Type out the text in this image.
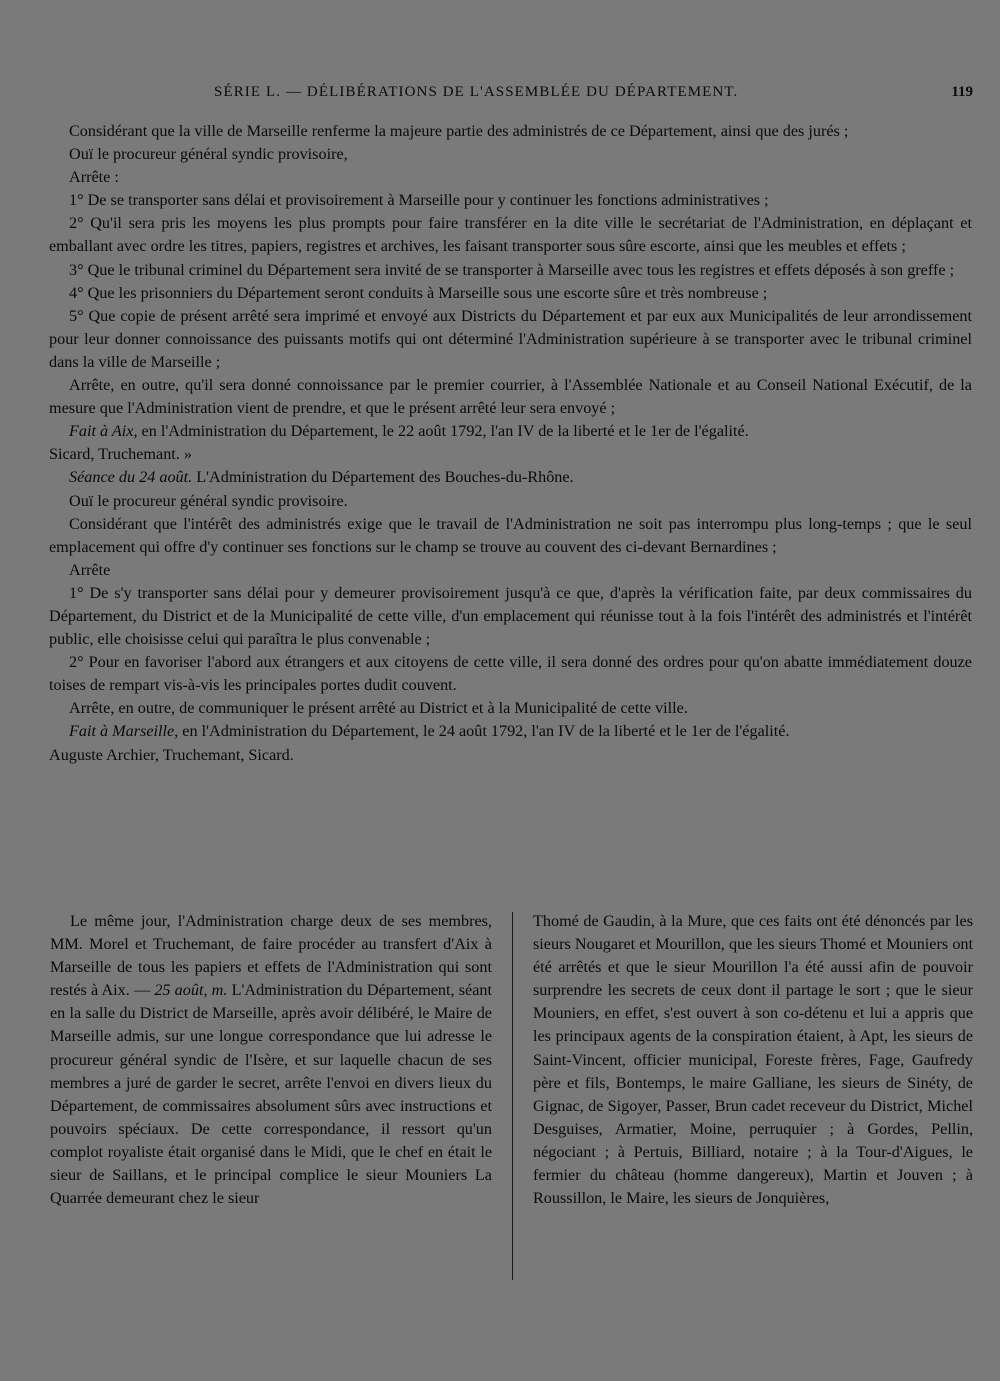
SÉRIE L. — DÉLIBÉRATIONS DE L'ASSEMBLÉE DU DÉPARTEMENT.	119

Considérant que la ville de Marseille renferme la majeure partie des administrés de ce Département, ainsi que des jurés ;

Ouï le procureur général syndic provisoire,

Arrête :

1° De se transporter sans délai et provisoirement à Marseille pour y continuer les fonctions administratives ;

2° Qu'il sera pris les moyens les plus prompts pour faire transférer en la dite ville le secrétariat de l'Administration, en déplaçant et emballant avec ordre les titres, papiers, registres et archives, les faisant transporter sous sûre escorte, ainsi que les meubles et effets ;

3° Que le tribunal criminel du Département sera invité de se transporter à Marseille avec tous les registres et effets déposés à son greffe ;

4° Que les prisonniers du Département seront conduits à Marseille sous une escorte sûre et très nombreuse ;

5° Que copie de présent arrêté sera imprimé et envoyé aux Districts du Département et par eux aux Municipalités de leur arrondissement pour leur donner connoissance des puissants motifs qui ont déterminé l'Administration supérieure à se transporter avec le tribunal criminel dans la ville de Marseille ;

Arrête, en outre, qu'il sera donné connoissance par le premier courrier, à l'Assemblée Nationale et au Conseil National Exécutif, de la mesure que l'Administration vient de prendre, et que le présent arrêté leur sera envoyé ;

Fait à Aix, en l'Administration du Département, le 22 août 1792, l'an IV de la liberté et le 1er de l'égalité.

Sicard, Truchemant. »

Séance du 24 août. L'Administration du Département des Bouches-du-Rhône.

Ouï le procureur général syndic provisoire.

Considérant que l'intérêt des administrés exige que le travail de l'Administration ne soit pas interrompu plus long-temps ; que le seul emplacement qui offre d'y continuer ses fonctions sur le champ se trouve au couvent des ci-devant Bernardines ;

Arrête

1° De s'y transporter sans délai pour y demeurer provisoirement jusqu'à ce que, d'après la vérification faite, par deux commissaires du Département, du District et de la Municipalité de cette ville, d'un emplacement qui réunisse tout à la fois l'intérêt des administrés et l'intérêt public, elle choisisse celui qui paraîtra le plus convenable ;

2° Pour en favoriser l'abord aux étrangers et aux citoyens de cette ville, il sera donné des ordres pour qu'on abatte immédiatement douze toises de rempart vis-à-vis les principales portes dudit couvent.

Arrête, en outre, de communiquer le présent arrêté au District et à la Municipalité de cette ville.

Fait à Marseille, en l'Administration du Département, le 24 août 1792, l'an IV de la liberté et le 1er de l'égalité.

Auguste Archier, Truchemant, Sicard.

Le même jour, l'Administration charge deux de ses membres, MM. Morel et Truchemant, de faire procéder au transfert d'Aix à Marseille de tous les papiers et effets de l'Administration qui sont restés à Aix. — 25 août, m. L'Administration du Département, séant en la salle du District de Marseille, après avoir délibéré, le Maire de Marseille admis, sur une longue correspondance que lui adresse le procureur général syndic de l'Isère, et sur laquelle chacun de ses membres a juré de garder le secret, arrête l'envoi en divers lieux du Département, de commissaires absolument sûrs avec instructions et pouvoirs spéciaux. De cette correspondance, il ressort qu'un complot royaliste était organisé dans le Midi, que le chef en était le sieur de Saillans, et le principal complice le sieur Mouniers La Quarrée demeurant chez le sieur

Thomé de Gaudin, à la Mure, que ces faits ont été dénoncés par les sieurs Nougaret et Mourillon, que les sieurs Thomé et Mouniers ont été arrêtés et que le sieur Mourillon l'a été aussi afin de pouvoir surprendre les secrets de ceux dont il partage le sort ; que le sieur Mouniers, en effet, s'est ouvert à son co-détenu et lui a appris que les principaux agents de la conspiration étaient, à Apt, les sieurs de Saint-Vincent, officier municipal, Foreste frères, Fage, Gaufredy père et fils, Bontemps, le maire Galliane, les sieurs de Sinéty, de Gignac, de Sigoyer, Passer, Brun cadet receveur du District, Michel Desguises, Armatier, Moine, perruquier ; à Gordes, Pellin, négociant ; à Pertuis, Billiard, notaire ; à la Tour-d'Aigues, le fermier du château (homme dangereux), Martin et Jouven ; à Roussillon, le Maire, les sieurs de Jonquières,
